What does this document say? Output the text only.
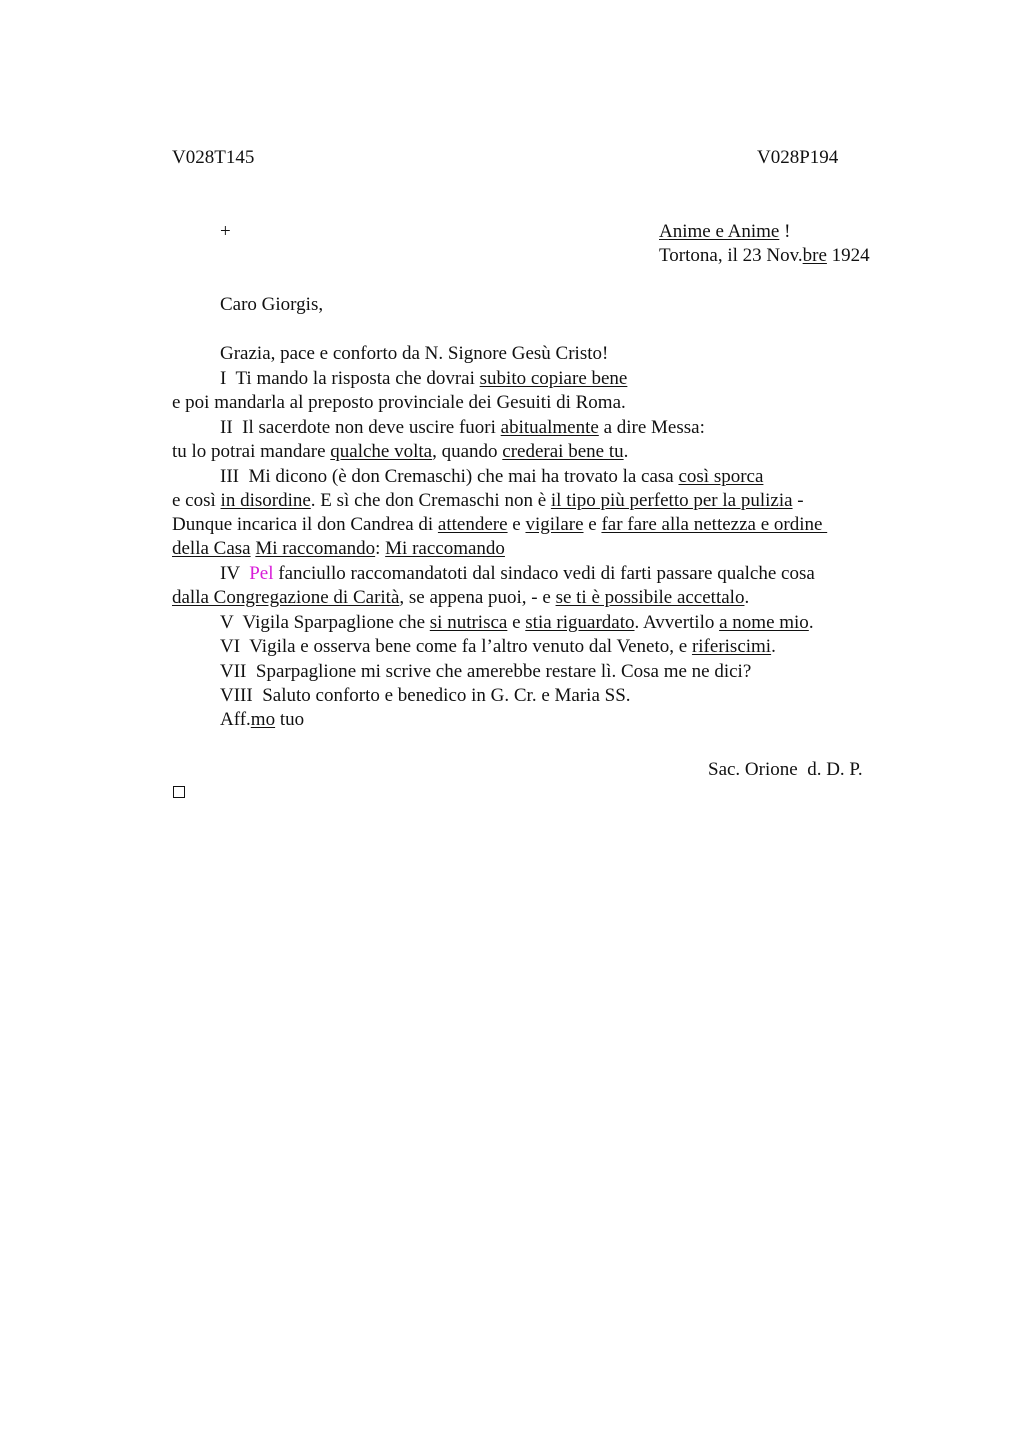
V028T145	V028P194
+	Anime e Anime !
Tortona, il 23 Nov.bre 1924
Caro Giorgis,
Grazia, pace e conforto da N. Signore Gesù Cristo!
I  Ti mando la risposta che dovrai subito copiare bene
e poi mandarla al preposto provinciale dei Gesuiti di Roma.
II  Il sacerdote non deve uscire fuori abitualmente a dire Messa:
tu lo potrai mandare qualche volta, quando crederai bene tu.
III  Mi dicono (è don Cremaschi) che mai ha trovato la casa così sporca
e così in disordine. E sì che don Cremaschi non è il tipo più perfetto per la pulizia -
Dunque incarica il don Candrea di attendere e vigilare e far fare alla nettezza e ordine
della Casa Mi raccomando: Mi raccomando
IV  Pel fanciullo raccomandatoti dal sindaco vedi di farti passare qualche cosa
dalla Congregazione di Carità, se appena puoi, - e se ti è possibile accettalo.
V  Vigila Sparpaglione che si nutrisca e stia riguardato. Avvertilo a nome mio.
VI  Vigila e osserva bene come fa l’altro venuto dal Veneto, e riferiscimi.
VII  Sparpaglione mi scrive che amerebbe restare lì. Cosa me ne dici?
VIII  Saluto conforto e benedico in G. Cr. e Maria SS.
Aff.mo tuo
Sac. Orione  d. D. P.
